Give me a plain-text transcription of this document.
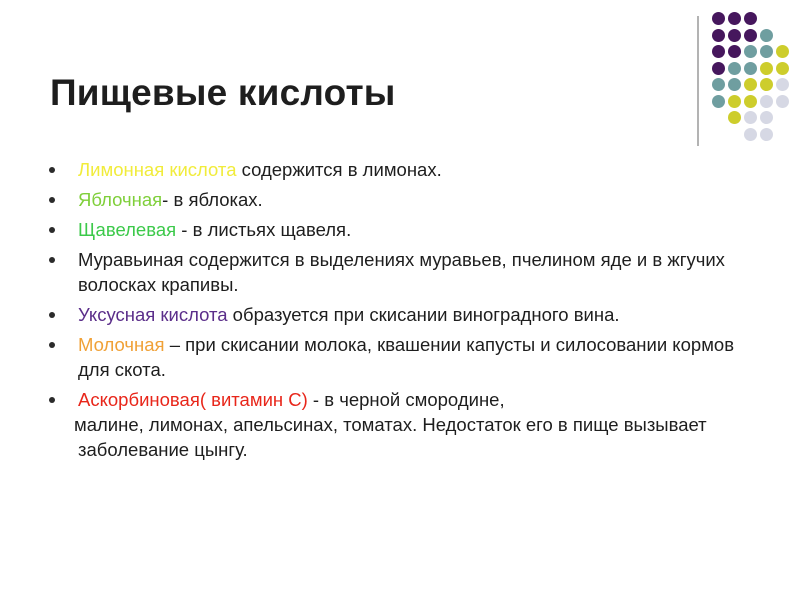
Пищевые кислоты
Лимонная кислота содержится в лимонах.
Яблочная- в яблоках.
Щавелевая - в листьях щавеля.
Муравьиная содержится в выделениях муравьев, пчелином яде и в жгучих волосках крапивы.
Уксусная кислота образуется при скисании виноградного вина.
Молочная – при скисании молока, квашении капусты и силосовании кормов для скота.
Аскорбиновая( витамин С) - в черной смородине,
малине, лимонах, апельсинах, томатах. Недостаток его в пище вызывает заболевание цынгу.
